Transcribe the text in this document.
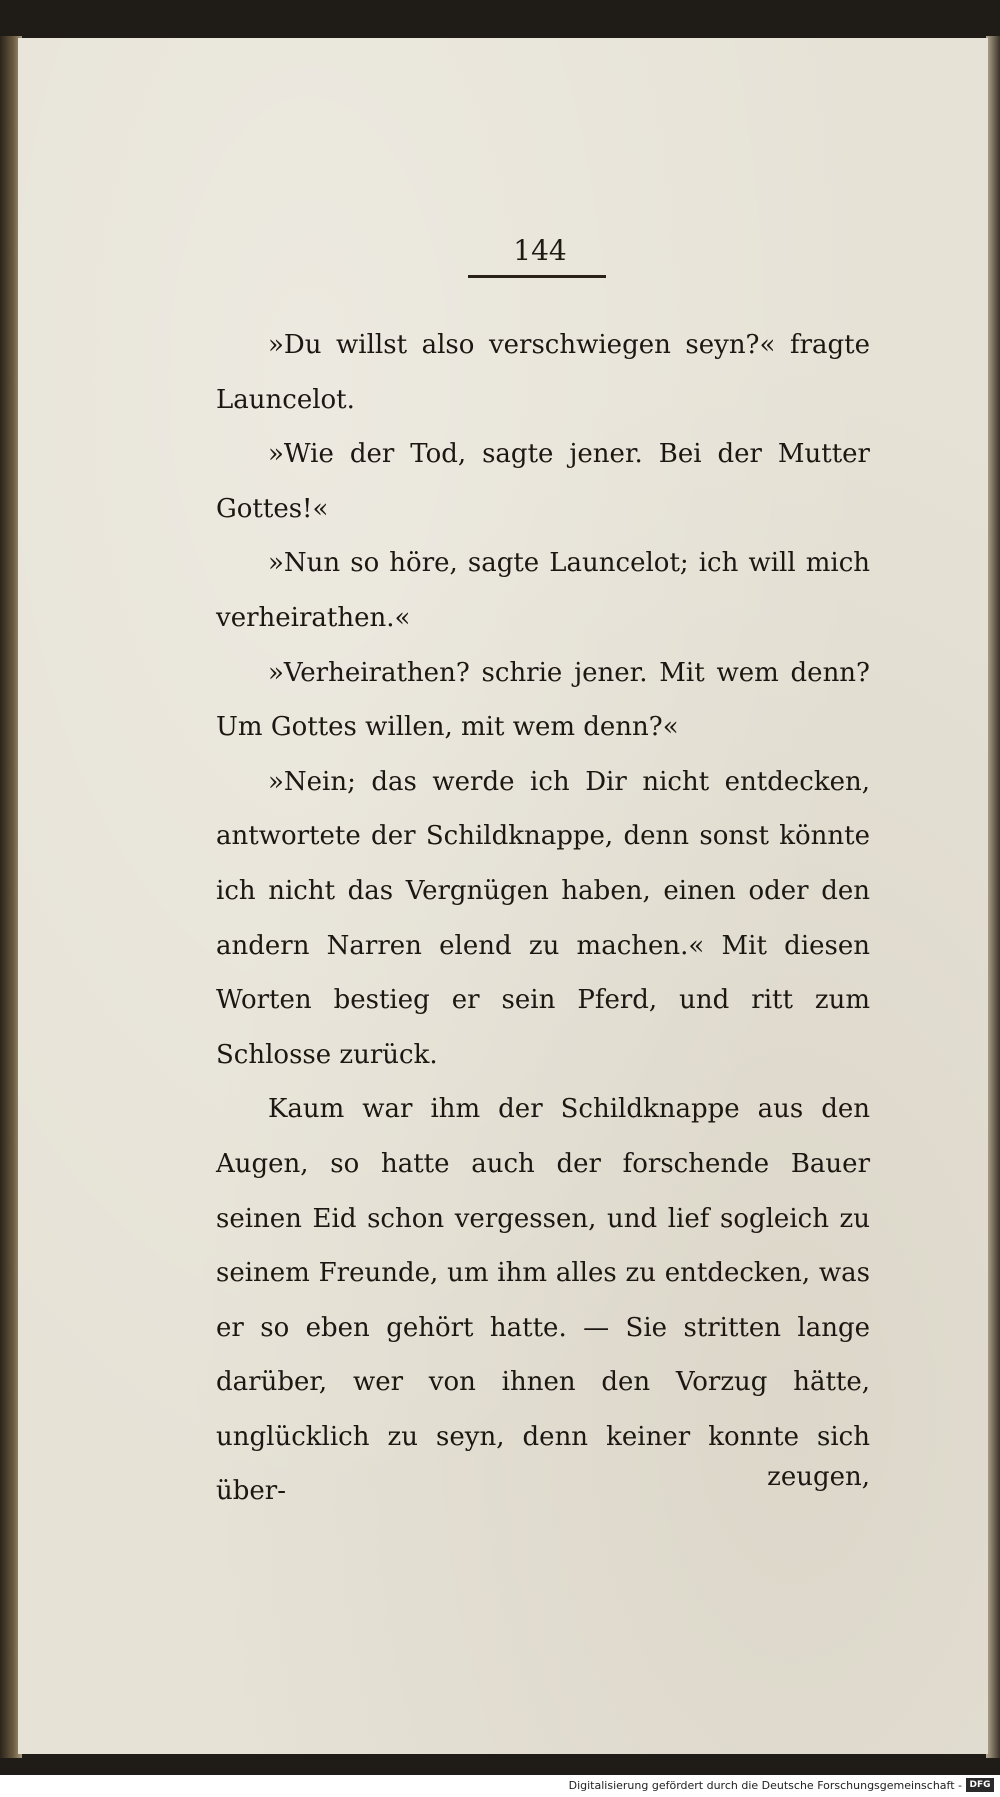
144

»Du willst also verschwiegen seyn?« fragte Launcelot.

»Wie der Tod, sagte jener. Bei der Mutter Gottes!«

»Nun so höre, sagte Launcelot; ich will mich verheirathen.«

»Verheirathen? schrie jener. Mit wem denn? Um Gottes willen, mit wem denn?«

»Nein; das werde ich Dir nicht entdecken, antwortete der Schildknappe, denn sonst könnte ich nicht das Vergnügen haben, einen oder den andern Narren elend zu machen.« Mit diesen Worten bestieg er sein Pferd, und ritt zum Schlosse zurück.

Kaum war ihm der Schildknappe aus den Augen, so hatte auch der forschende Bauer seinen Eid schon vergessen, und lief sogleich zu seinem Freunde, um ihm alles zu entdecken, was er so eben gehört hatte. — Sie stritten lange darüber, wer von ihnen den Vorzug hätte, unglücklich zu seyn, denn keiner konnte sich über-	zeugen,
Digitalisierung gefördert durch die Deutsche Forschungsgemeinschaft - DFG
